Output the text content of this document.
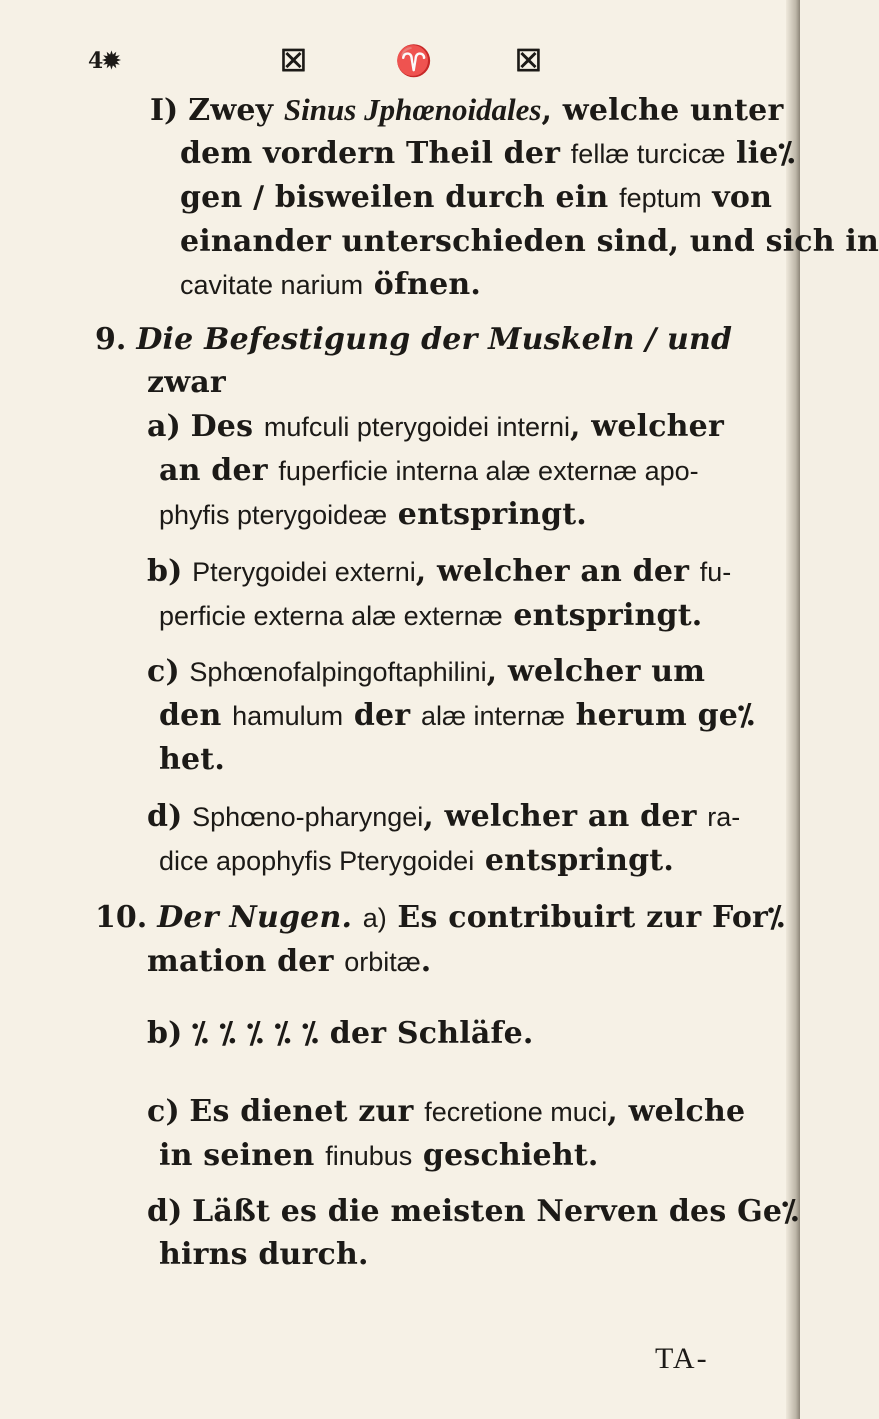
4✹	☒	♈	☒
I) Zwey Sinus Jphœnoidales, welche unter
dem vordern Theil der fellæ turcicæ lie⁒
gen / bisweilen durch ein feptum von
einander unterschieden sind, und sich in
cavitate narium öfnen.
9. Die Befestigung der Muskeln / und
zwar
a) Des mufculi pterygoidei interni, welcher
an der fuperficie interna alæ externæ apo-
phyfis pterygoideæ entspringt.
b) Pterygoidei externi, welcher an der fu-
perficie externa alæ externæ entspringt.
c) Sphœnofalpingoftaphilini, welcher um
den hamulum der alæ internæ herum ge⁒
het.
d) Sphœno-pharyngei, welcher an der ra-
dice apophyfis Pterygoidei entspringt.
10. Der Nugen. a) Es contribuirt zur For⁒
mation der orbitæ.
b) ⁒ ⁒ ⁒ ⁒ ⁒ der Schläfe.
c) Es dienet zur fecretione muci, welche
in seinen finubus geschieht.
d) Läßt es die meisten Nerven des Ge⁒
hirns durch.
TA-
